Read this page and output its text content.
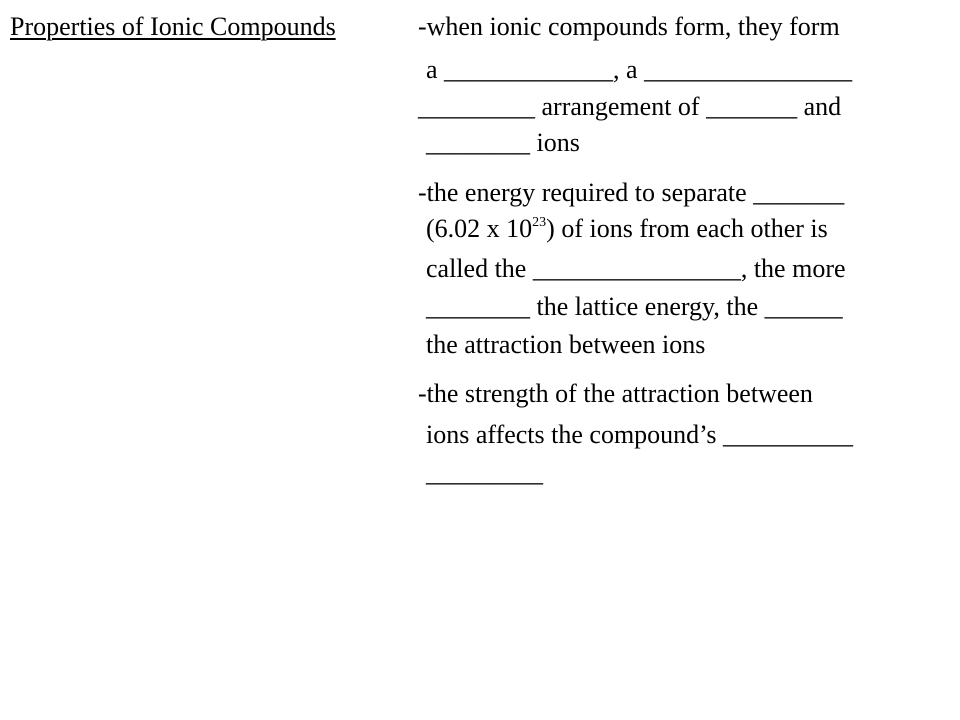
Properties of Ionic Compounds	-when ionic compounds form, they form
a _____________, a ________________
_________ arrangement of _______ and
________ ions
-the energy required to separate _______
(6.02 x $10^{23}$) of ions from each other is
called the ________________, the more
________ the lattice energy, the ______
the attraction between ions
-the strength of the attraction between
ions affects the compound’s __________
_________
